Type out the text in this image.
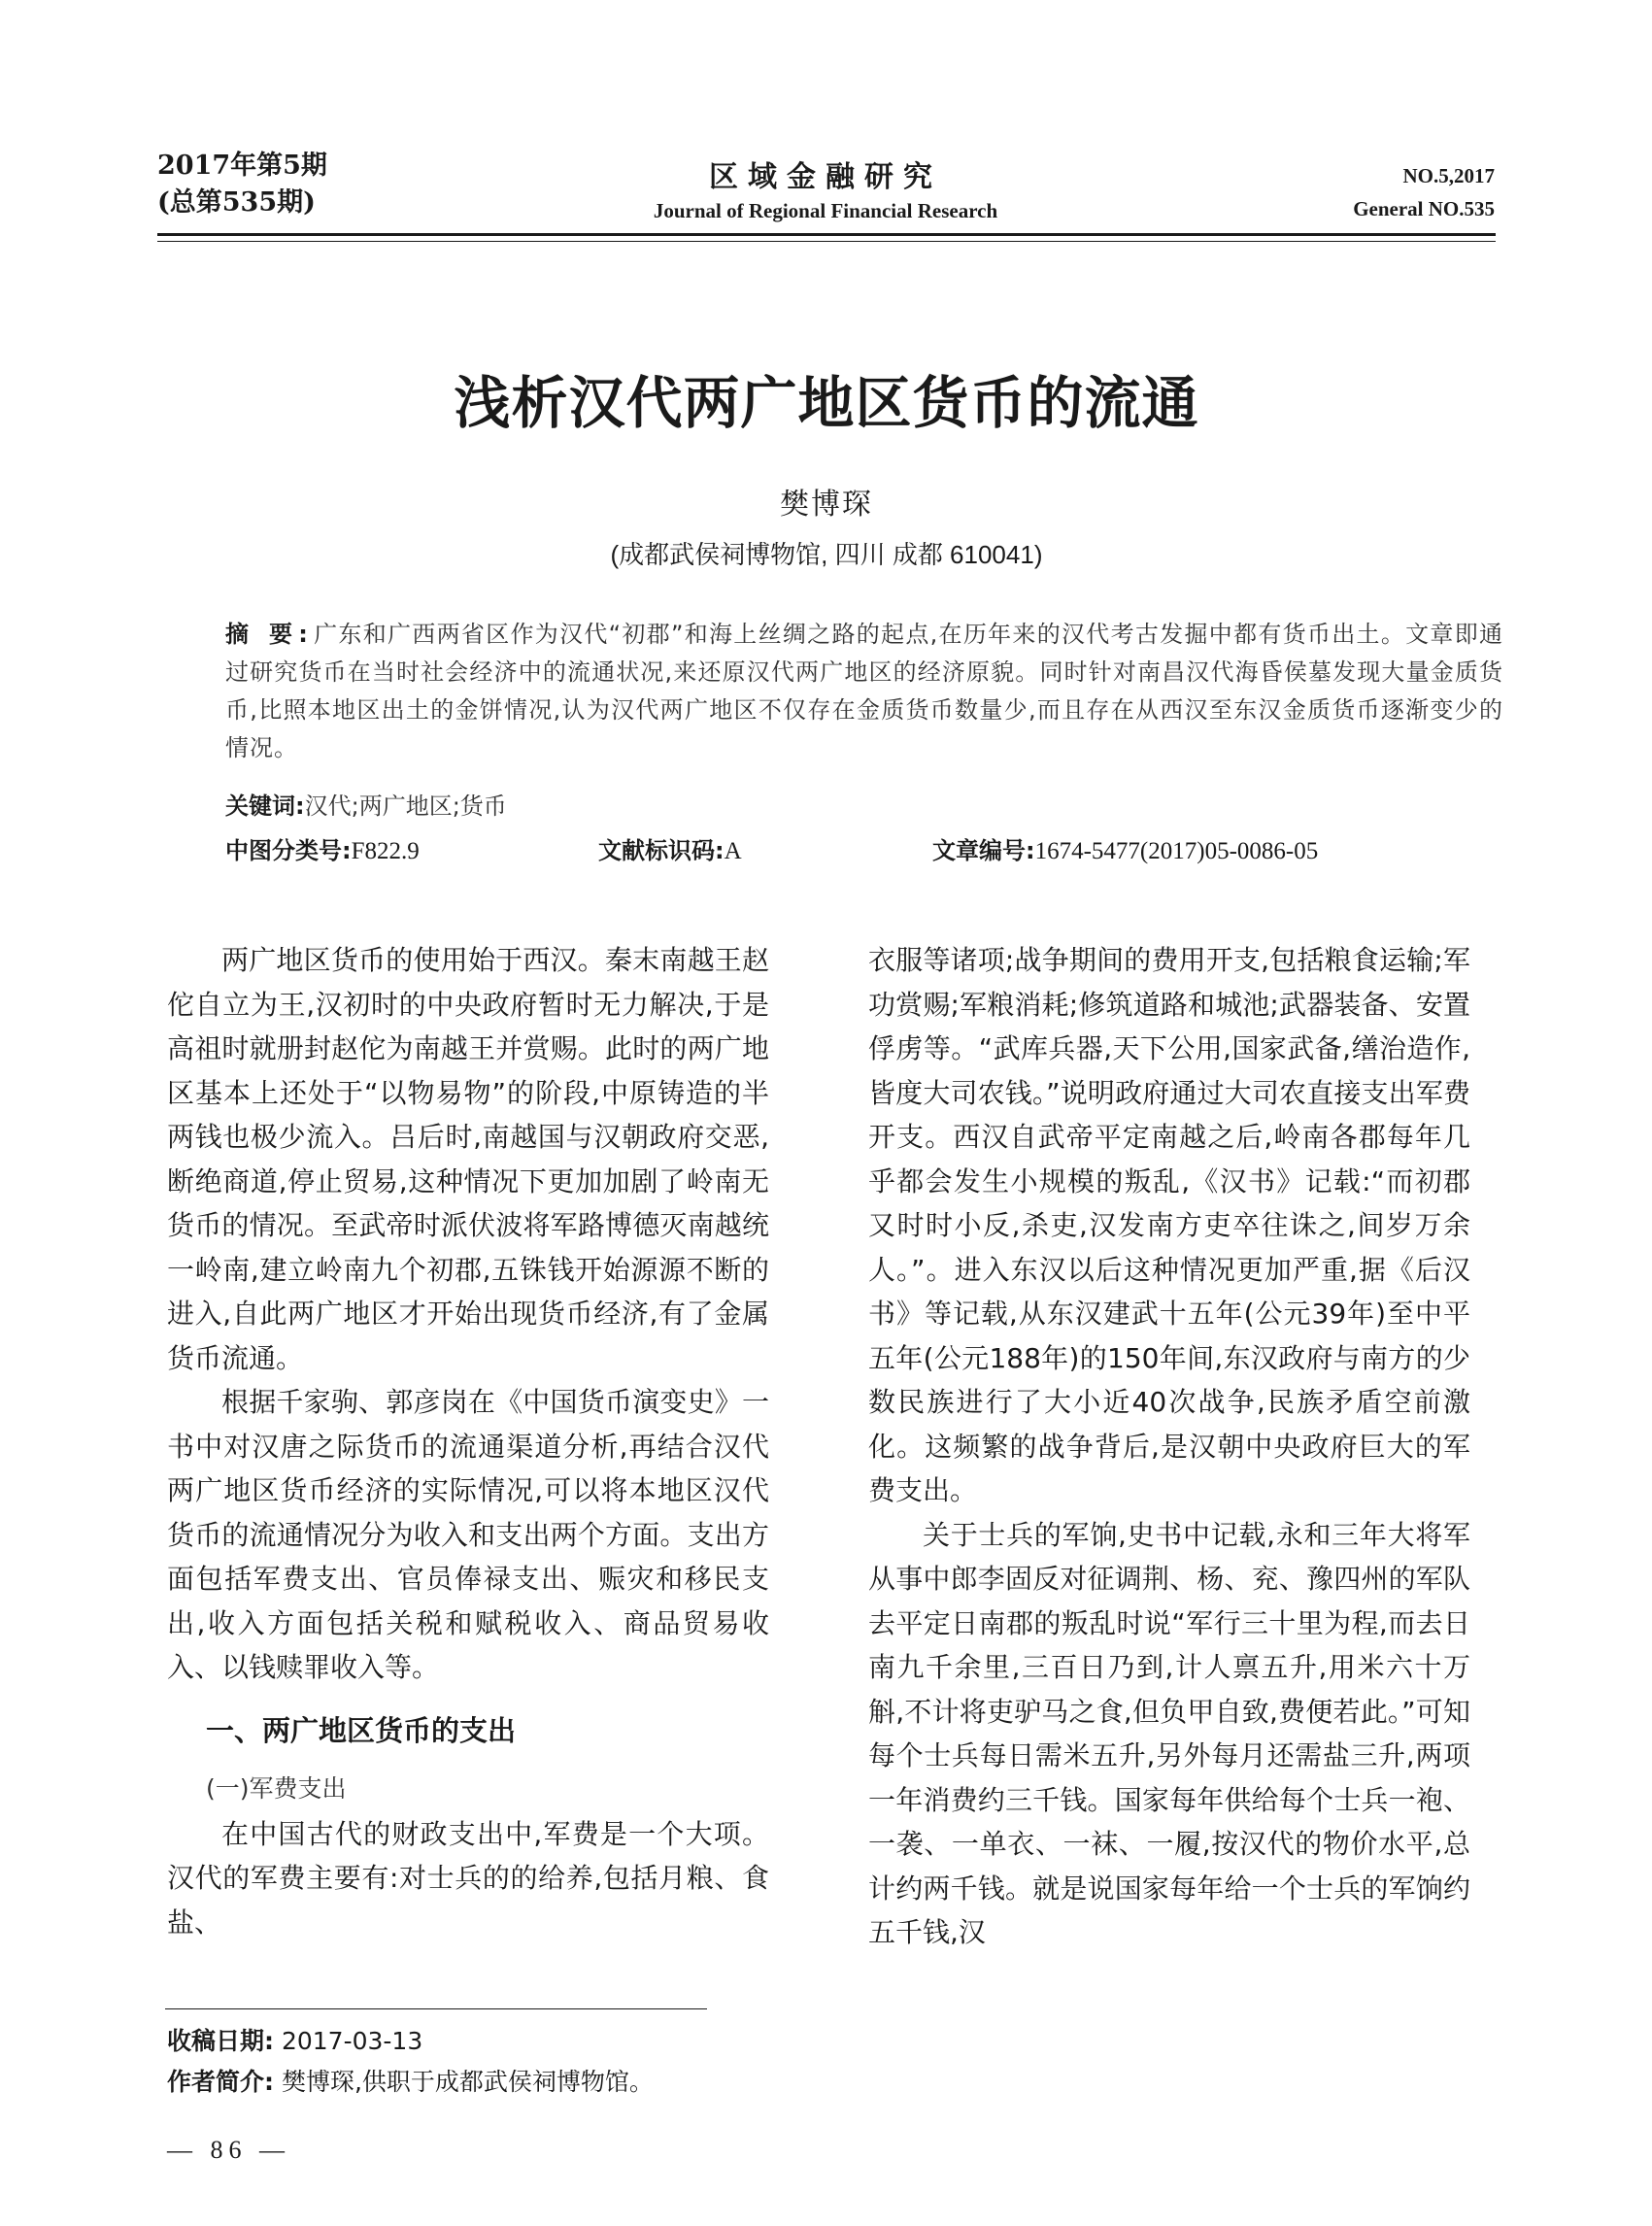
2017年第5期
(总第535期)
区域金融研究
Journal of Regional Financial Research
NO.5,2017
General NO.535
浅析汉代两广地区货币的流通
樊博琛
(成都武侯祠博物馆, 四川 成都 610041)
摘 要:广东和广西两省区作为汉代“初郡”和海上丝绸之路的起点,在历年来的汉代考古发掘中都有货币出土。文章即通过研究货币在当时社会经济中的流通状况,来还原汉代两广地区的经济原貌。同时针对南昌汉代海昏侯墓发现大量金质货币,比照本地区出土的金饼情况,认为汉代两广地区不仅存在金质货币数量少,而且存在从西汉至东汉金质货币逐渐变少的情况。
关键词:汉代;两广地区;货币
中图分类号:F822.9	文献标识码:A	文章编号:1674-5477(2017)05-0086-05

两广地区货币的使用始于西汉。秦末南越王赵佗自立为王,汉初时的中央政府暂时无力解决,于是高祖时就册封赵佗为南越王并赏赐。此时的两广地区基本上还处于“以物易物”的阶段,中原铸造的半两钱也极少流入。吕后时,南越国与汉朝政府交恶,断绝商道,停止贸易,这种情况下更加加剧了岭南无货币的情况。至武帝时派伏波将军路博德灭南越统一岭南,建立岭南九个初郡,五铢钱开始源源不断的进入,自此两广地区才开始出现货币经济,有了金属货币流通。

根据千家驹、郭彦岗在《中国货币演变史》一书中对汉唐之际货币的流通渠道分析,再结合汉代两广地区货币经济的实际情况,可以将本地区汉代货币的流通情况分为收入和支出两个方面。支出方面包括军费支出、官员俸禄支出、赈灾和移民支出,收入方面包括关税和赋税收入、商品贸易收入、以钱赎罪收入等。

一、两广地区货币的支出
(一)军费支出

在中国古代的财政支出中,军费是一个大项。汉代的军费主要有:对士兵的的给养,包括月粮、食盐、

衣服等诸项;战争期间的费用开支,包括粮食运输;军功赏赐;军粮消耗;修筑道路和城池;武器装备、安置俘虏等。“武库兵器,天下公用,国家武备,缮治造作,皆度大司农钱。”说明政府通过大司农直接支出军费开支。西汉自武帝平定南越之后,岭南各郡每年几乎都会发生小规模的叛乱,《汉书》记载:“而初郡又时时小反,杀吏,汉发南方吏卒往诛之,间岁万余人。”。进入东汉以后这种情况更加严重,据《后汉书》等记载,从东汉建武十五年(公元39年)至中平五年(公元188年)的150年间,东汉政府与南方的少数民族进行了大小近40次战争,民族矛盾空前激化。这频繁的战争背后,是汉朝中央政府巨大的军费支出。

关于士兵的军饷,史书中记载,永和三年大将军从事中郎李固反对征调荆、杨、兖、豫四州的军队去平定日南郡的叛乱时说“军行三十里为程,而去日南九千余里,三百日乃到,计人禀五升,用米六十万斛,不计将吏驴马之食,但负甲自致,费便若此。”可知每个士兵每日需米五升,另外每月还需盐三升,两项一年消费约三千钱。国家每年供给每个士兵一袍、一袭、一单衣、一袜、一履,按汉代的物价水平,总计约两千钱。就是说国家每年给一个士兵的军饷约五千钱,汉

收稿日期: 2017-03-13
作者简介: 樊博琛,供职于成都武侯祠博物馆。
— 86 —
